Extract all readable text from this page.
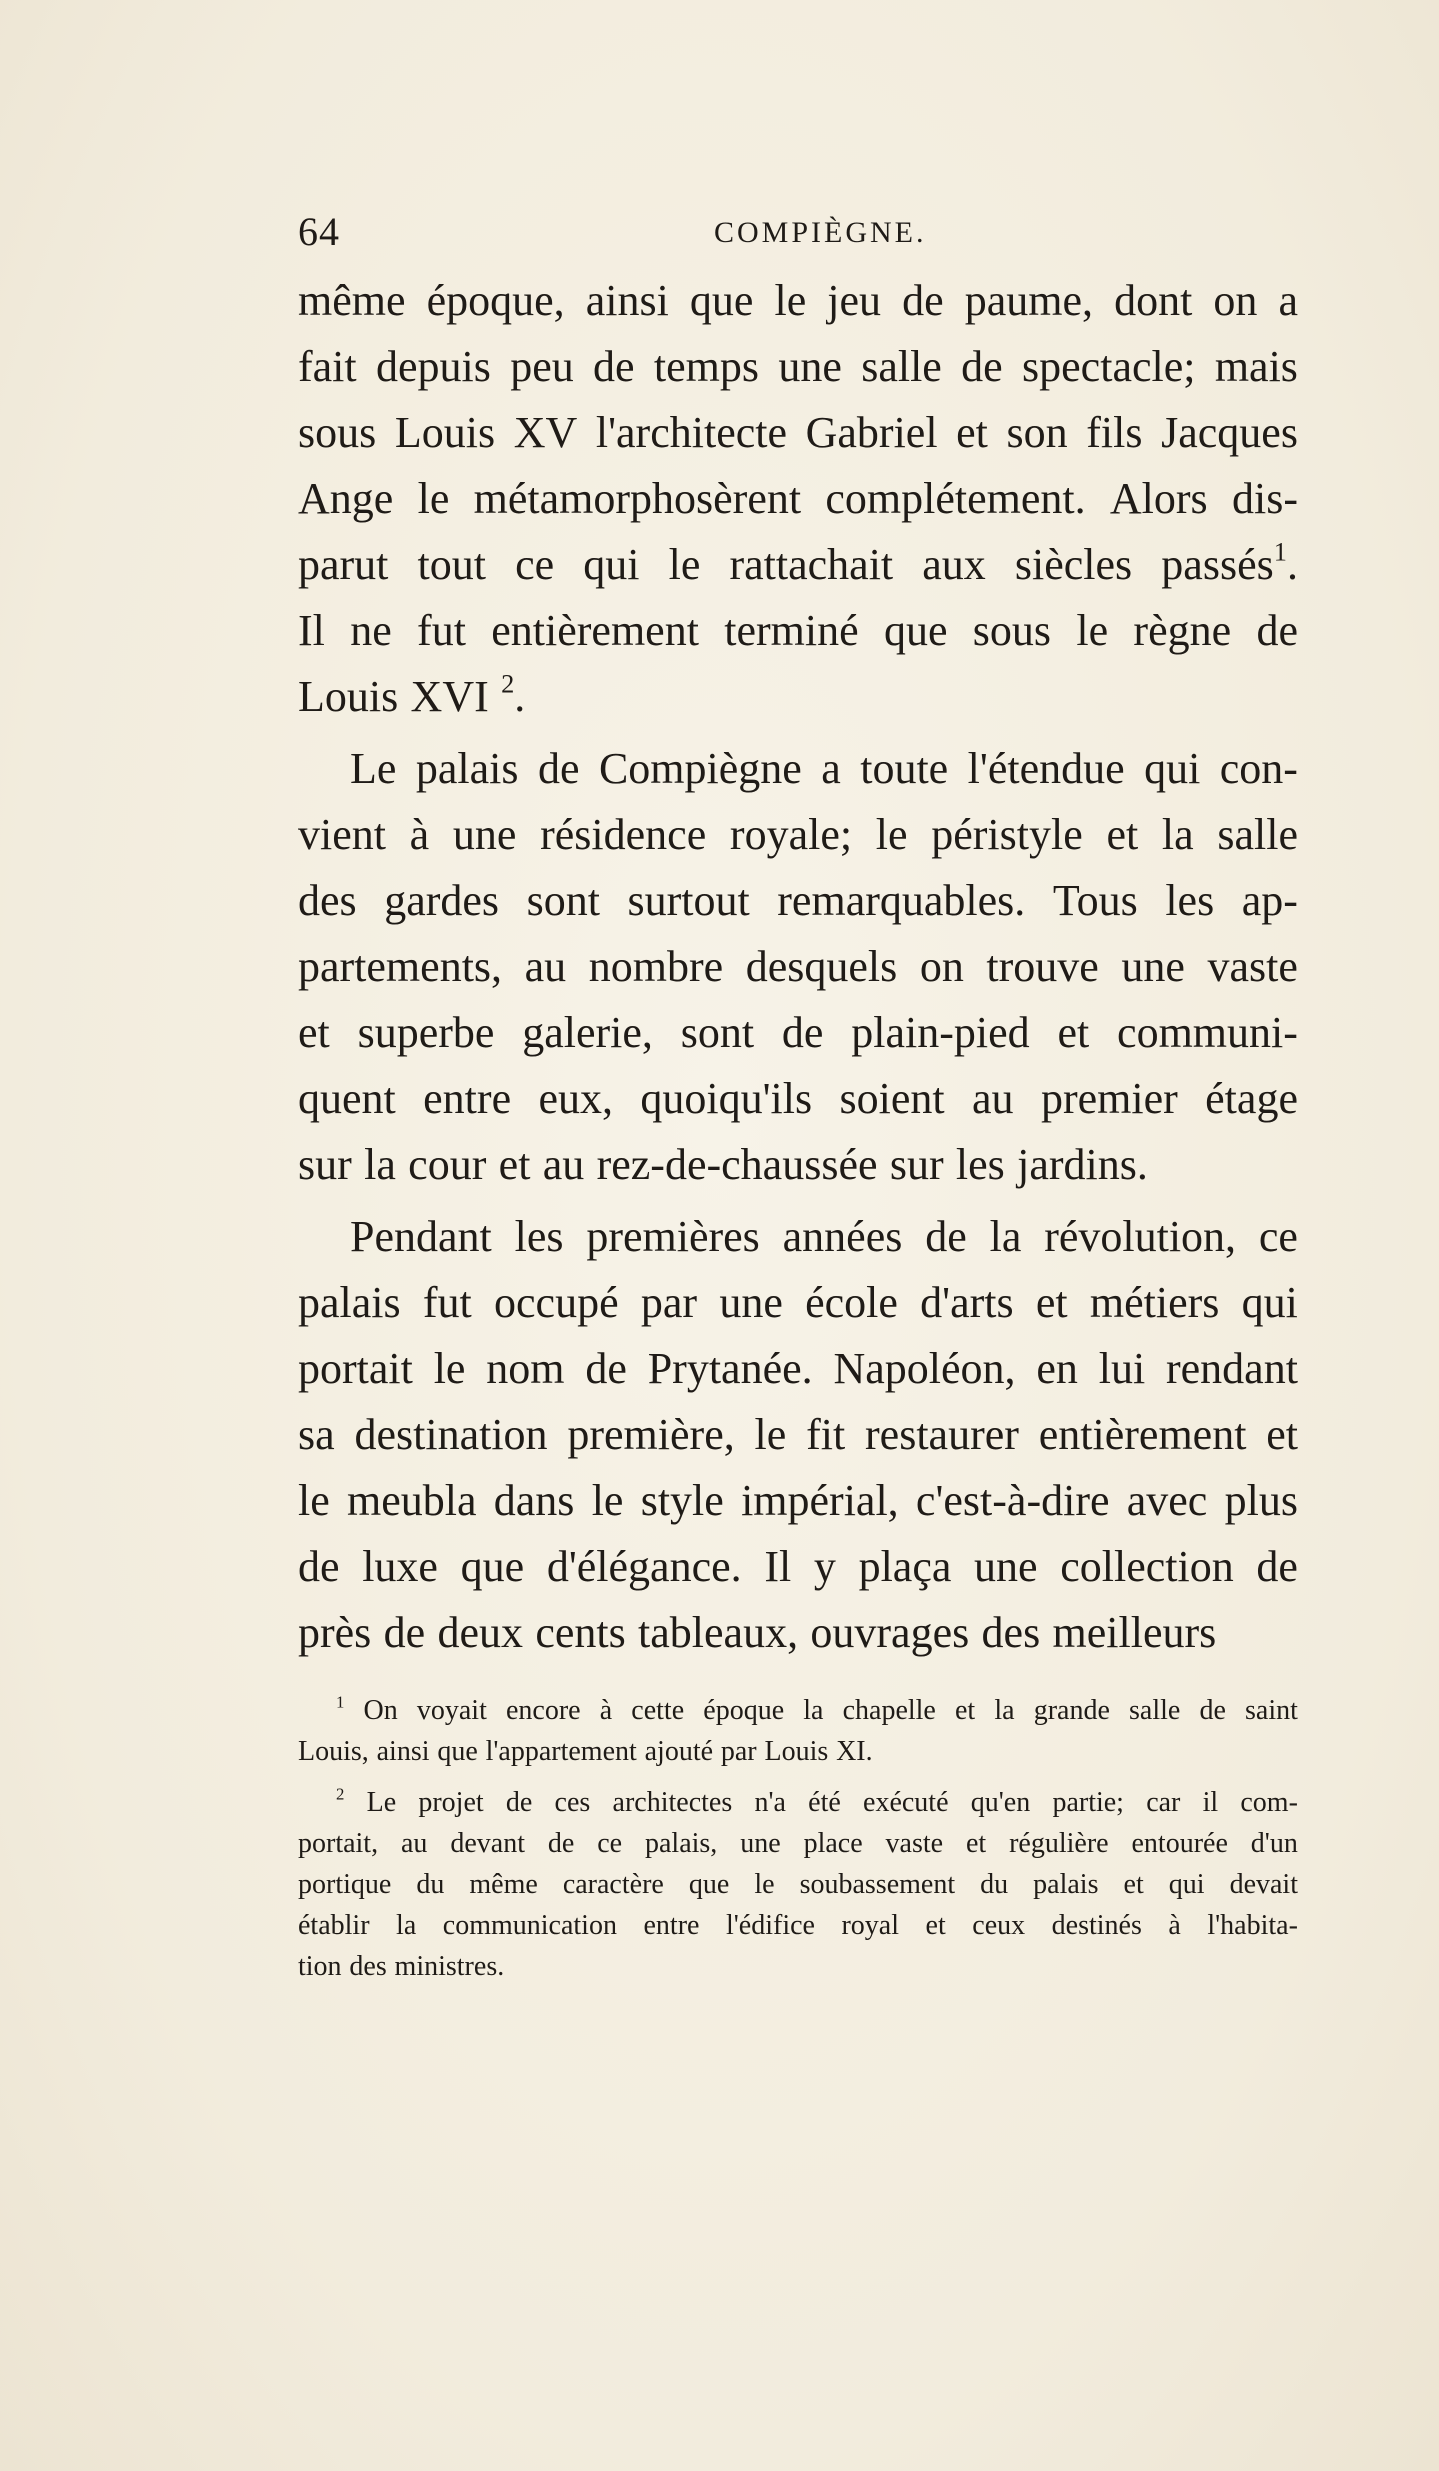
64	COMPIÈGNE.
même époque, ainsi que le jeu de paume, dont on a
fait depuis peu de temps une salle de spectacle; mais
sous Louis XV l'architecte Gabriel et son fils Jacques
Ange le métamorphosèrent complétement. Alors dis-
parut tout ce qui le rattachait aux siècles passés$^1$.
Il ne fut entièrement terminé que sous le règne de
Louis XVI $^2$.
Le palais de Compiègne a toute l'étendue qui con-
vient à une résidence royale; le péristyle et la salle
des gardes sont surtout remarquables. Tous les ap-
partements, au nombre desquels on trouve une vaste
et superbe galerie, sont de plain-pied et communi-
quent entre eux, quoiqu'ils soient au premier étage
sur la cour et au rez-de-chaussée sur les jardins.
Pendant les premières années de la révolution, ce
palais fut occupé par une école d'arts et métiers qui
portait le nom de Prytanée. Napoléon, en lui rendant
sa destination première, le fit restaurer entièrement et
le meubla dans le style impérial, c'est-à-dire avec plus
de luxe que d'élégance. Il y plaça une collection de
près de deux cents tableaux, ouvrages des meilleurs
$^1$ On voyait encore à cette époque la chapelle et la grande salle de saint
Louis, ainsi que l'appartement ajouté par Louis XI.
$^2$ Le projet de ces architectes n'a été exécuté qu'en partie; car il com-
portait, au devant de ce palais, une place vaste et régulière entourée d'un
portique du même caractère que le soubassement du palais et qui devait
établir la communication entre l'édifice royal et ceux destinés à l'habita-
tion des ministres.
